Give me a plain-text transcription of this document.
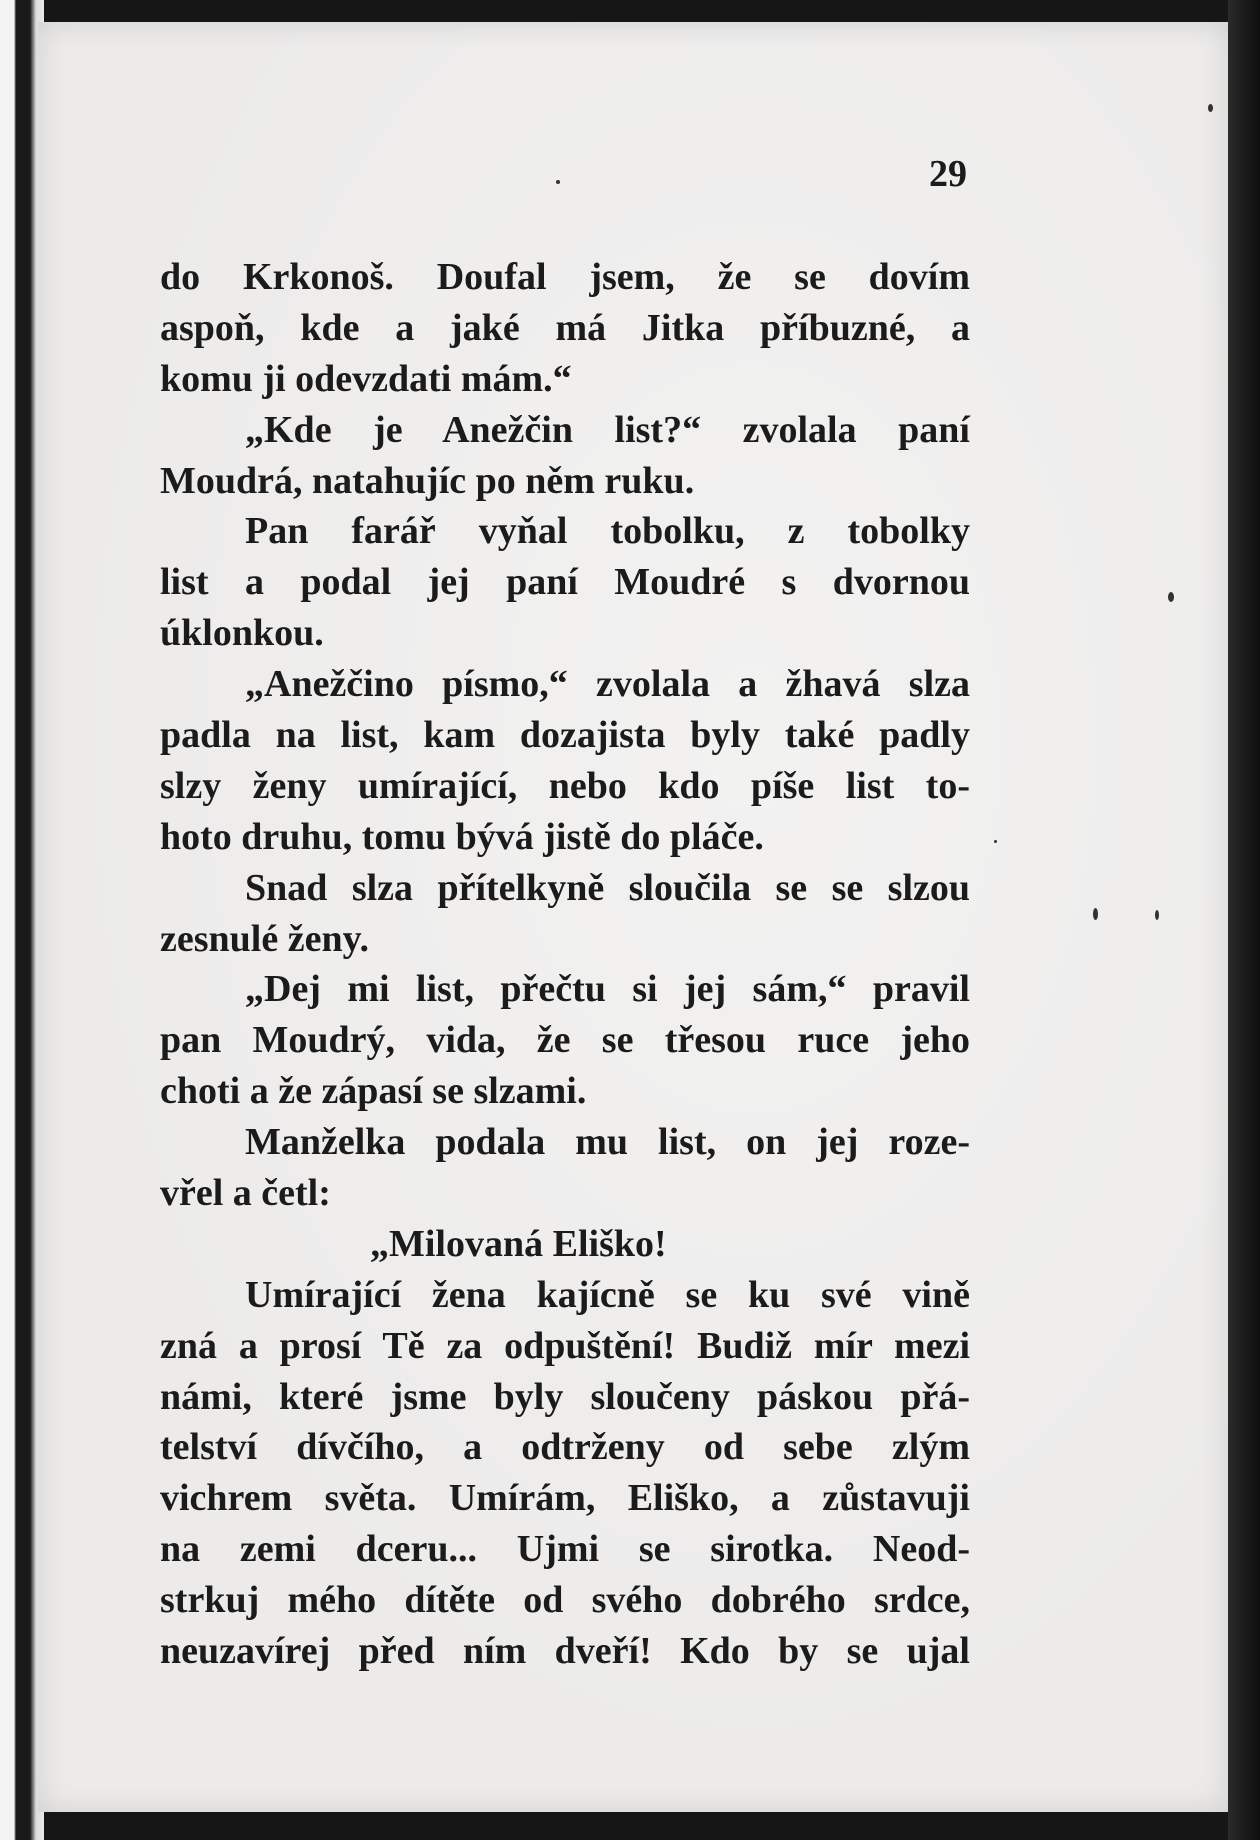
29
do Krkonoš. Doufal jsem, že se dovím
aspoň, kde a jaké má Jitka příbuzné, a
komu ji odevzdati mám.“
„Kde je Anežčin list?“ zvolala paní
Moudrá, natahujíc po něm ruku.
Pan farář vyňal tobolku, z tobolky
list a podal jej paní Moudré s dvornou
úklonkou.
„Anežčino písmo,“ zvolala a žhavá slza
padla na list, kam dozajista byly také padly
slzy ženy umírající, nebo kdo píše list to-
hoto druhu, tomu bývá jistě do pláče.
Snad slza přítelkyně sloučila se se slzou
zesnulé ženy.
„Dej mi list, přečtu si jej sám,“ pravil
pan Moudrý, vida, že se třesou ruce jeho
choti a že zápasí se slzami.
Manželka podala mu list, on jej roze-
vřel a četl:
„Milovaná Eliško!
Umírající žena kajícně se ku své vině
zná a prosí Tě za odpuštění! Budiž mír mezi
námi, které jsme byly sloučeny páskou přá-
telství dívčího, a odtrženy od sebe zlým
vichrem světa. Umírám, Eliško, a zůstavuji
na zemi dceru... Ujmi se sirotka. Neod-
strkuj mého dítěte od svého dobrého srdce,
neuzavírej před ním dveří! Kdo by se ujal
